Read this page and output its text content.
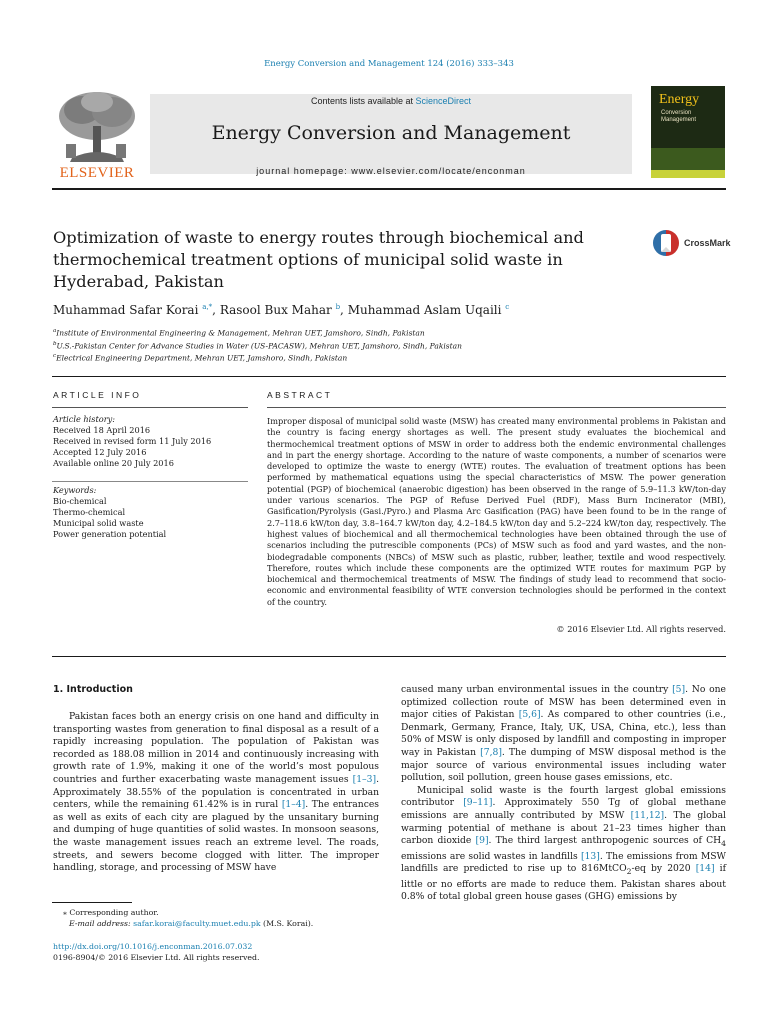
Energy Conversion and Management 124 (2016) 333–343
ELSEVIER
Contents lists available at ScienceDirect
Energy Conversion and Management
journal homepage: www.elsevier.com/locate/enconman
Energy
Conversion
Management
Optimization of waste to energy routes through biochemical and thermochemical treatment options of municipal solid waste in Hyderabad, Pakistan
CrossMark
Muhammad Safar Korai $^{a,*}$, Rasool Bux Mahar $^b$, Muhammad Aslam Uqaili $^c$
$^a$Institute of Environmental Engineering & Management, Mehran UET, Jamshoro, Sindh, Pakistan
$^b$U.S.-Pakistan Center for Advance Studies in Water (US-PACASW), Mehran UET, Jamshoro, Sindh, Pakistan
$^c$Electrical Engineering Department, Mehran UET, Jamshoro, Sindh, Pakistan
ARTICLE INFO
Article history:
Received 18 April 2016
Received in revised form 11 July 2016
Accepted 12 July 2016
Available online 20 July 2016
Keywords:
Bio-chemical
Thermo-chemical
Municipal solid waste
Power generation potential
ABSTRACT
Improper disposal of municipal solid waste (MSW) has created many environmental problems in Pakistan and the country is facing energy shortages as well. The present study evaluates the biochemical and thermochemical treatment options of MSW in order to address both the endemic environmental challenges and in part the energy shortage. According to the nature of waste components, a number of scenarios were developed to optimize the waste to energy (WTE) routes. The evaluation of treatment options has been performed by mathematical equations using the special characteristics of MSW. The power generation potential (PGP) of biochemical (anaerobic digestion) has been observed in the range of 5.9–11.3 kW/ton-day under various scenarios. The PGP of Refuse Derived Fuel (RDF), Mass Burn Incinerator (MBI), Gasification/Pyrolysis (Gasi./Pyro.) and Plasma Arc Gasification (PAG) have been found to be in the range of 2.7–118.6 kW/ton day, 3.8–164.7 kW/ton day, 4.2–184.5 kW/ton day and 5.2–224 kW/ton day, respectively. The highest values of biochemical and all thermochemical technologies have been obtained through the use of scenarios including the putrescible components (PCs) of MSW such as food and yard wastes, and the non-biodegradable components (NBCs) of MSW such as plastic, rubber, leather, textile and wood respectively. Therefore, routes which include these components are the optimized WTE routes for maximum PGP by biochemical and thermochemical treatments of MSW. The findings of study lead to recommend that socio-economic and environmental feasibility of WTE conversion technologies should be performed in the context of the country.
© 2016 Elsevier Ltd. All rights reserved.
1. Introduction

Pakistan faces both an energy crisis on one hand and difficulty in transporting wastes from generation to final disposal as a result of a rapidly increasing population. The population of Pakistan was recorded as 188.08 million in 2014 and continuously increasing with growth rate of 1.9%, making it one of the world’s most populous countries and further exacerbating waste management issues [1–3]. Approximately 38.55% of the population is concentrated in urban centers, while the remaining 61.42% is in rural [1–4]. The entrances as well as exits of each city are plagued by the unsanitary burning and dumping of huge quantities of solid wastes. In monsoon seasons, the waste management issues reach an extreme level. The roads, streets, and sewers become clogged with litter. The improper handling, storage, and processing of MSW have

caused many urban environmental issues in the country [5]. No one optimized collection route of MSW has been determined even in major cities of Pakistan [5,6]. As compared to other countries (i.e., Denmark, Germany, France, Italy, UK, USA, China, etc.), less than 50% of MSW is only disposed by landfill and composting in improper way in Pakistan [7,8]. The dumping of MSW disposal method is the major source of various environmental issues including water pollution, soil pollution, green house gases emissions, etc.

Municipal solid waste is the fourth largest global emissions contributor [9–11]. Approximately 550 Tg of global methane emissions are annually contributed by MSW [11,12]. The global warming potential of methane is about 21–23 times higher than carbon dioxide [9]. The third largest anthropogenic sources of $CH_4$ emissions are solid wastes in landfills [13]. The emissions from MSW landfills are predicted to rise up to 816MtCO$_2$-eq by 2020 [14] if little or no efforts are made to reduce them. Pakistan shares about 0.8% of total global green house gases (GHG) emissions by

⁎ Corresponding author.
E-mail address: safar.korai@faculty.muet.edu.pk (M.S. Korai).
http://dx.doi.org/10.1016/j.enconman.2016.07.032
0196-8904/© 2016 Elsevier Ltd. All rights reserved.
